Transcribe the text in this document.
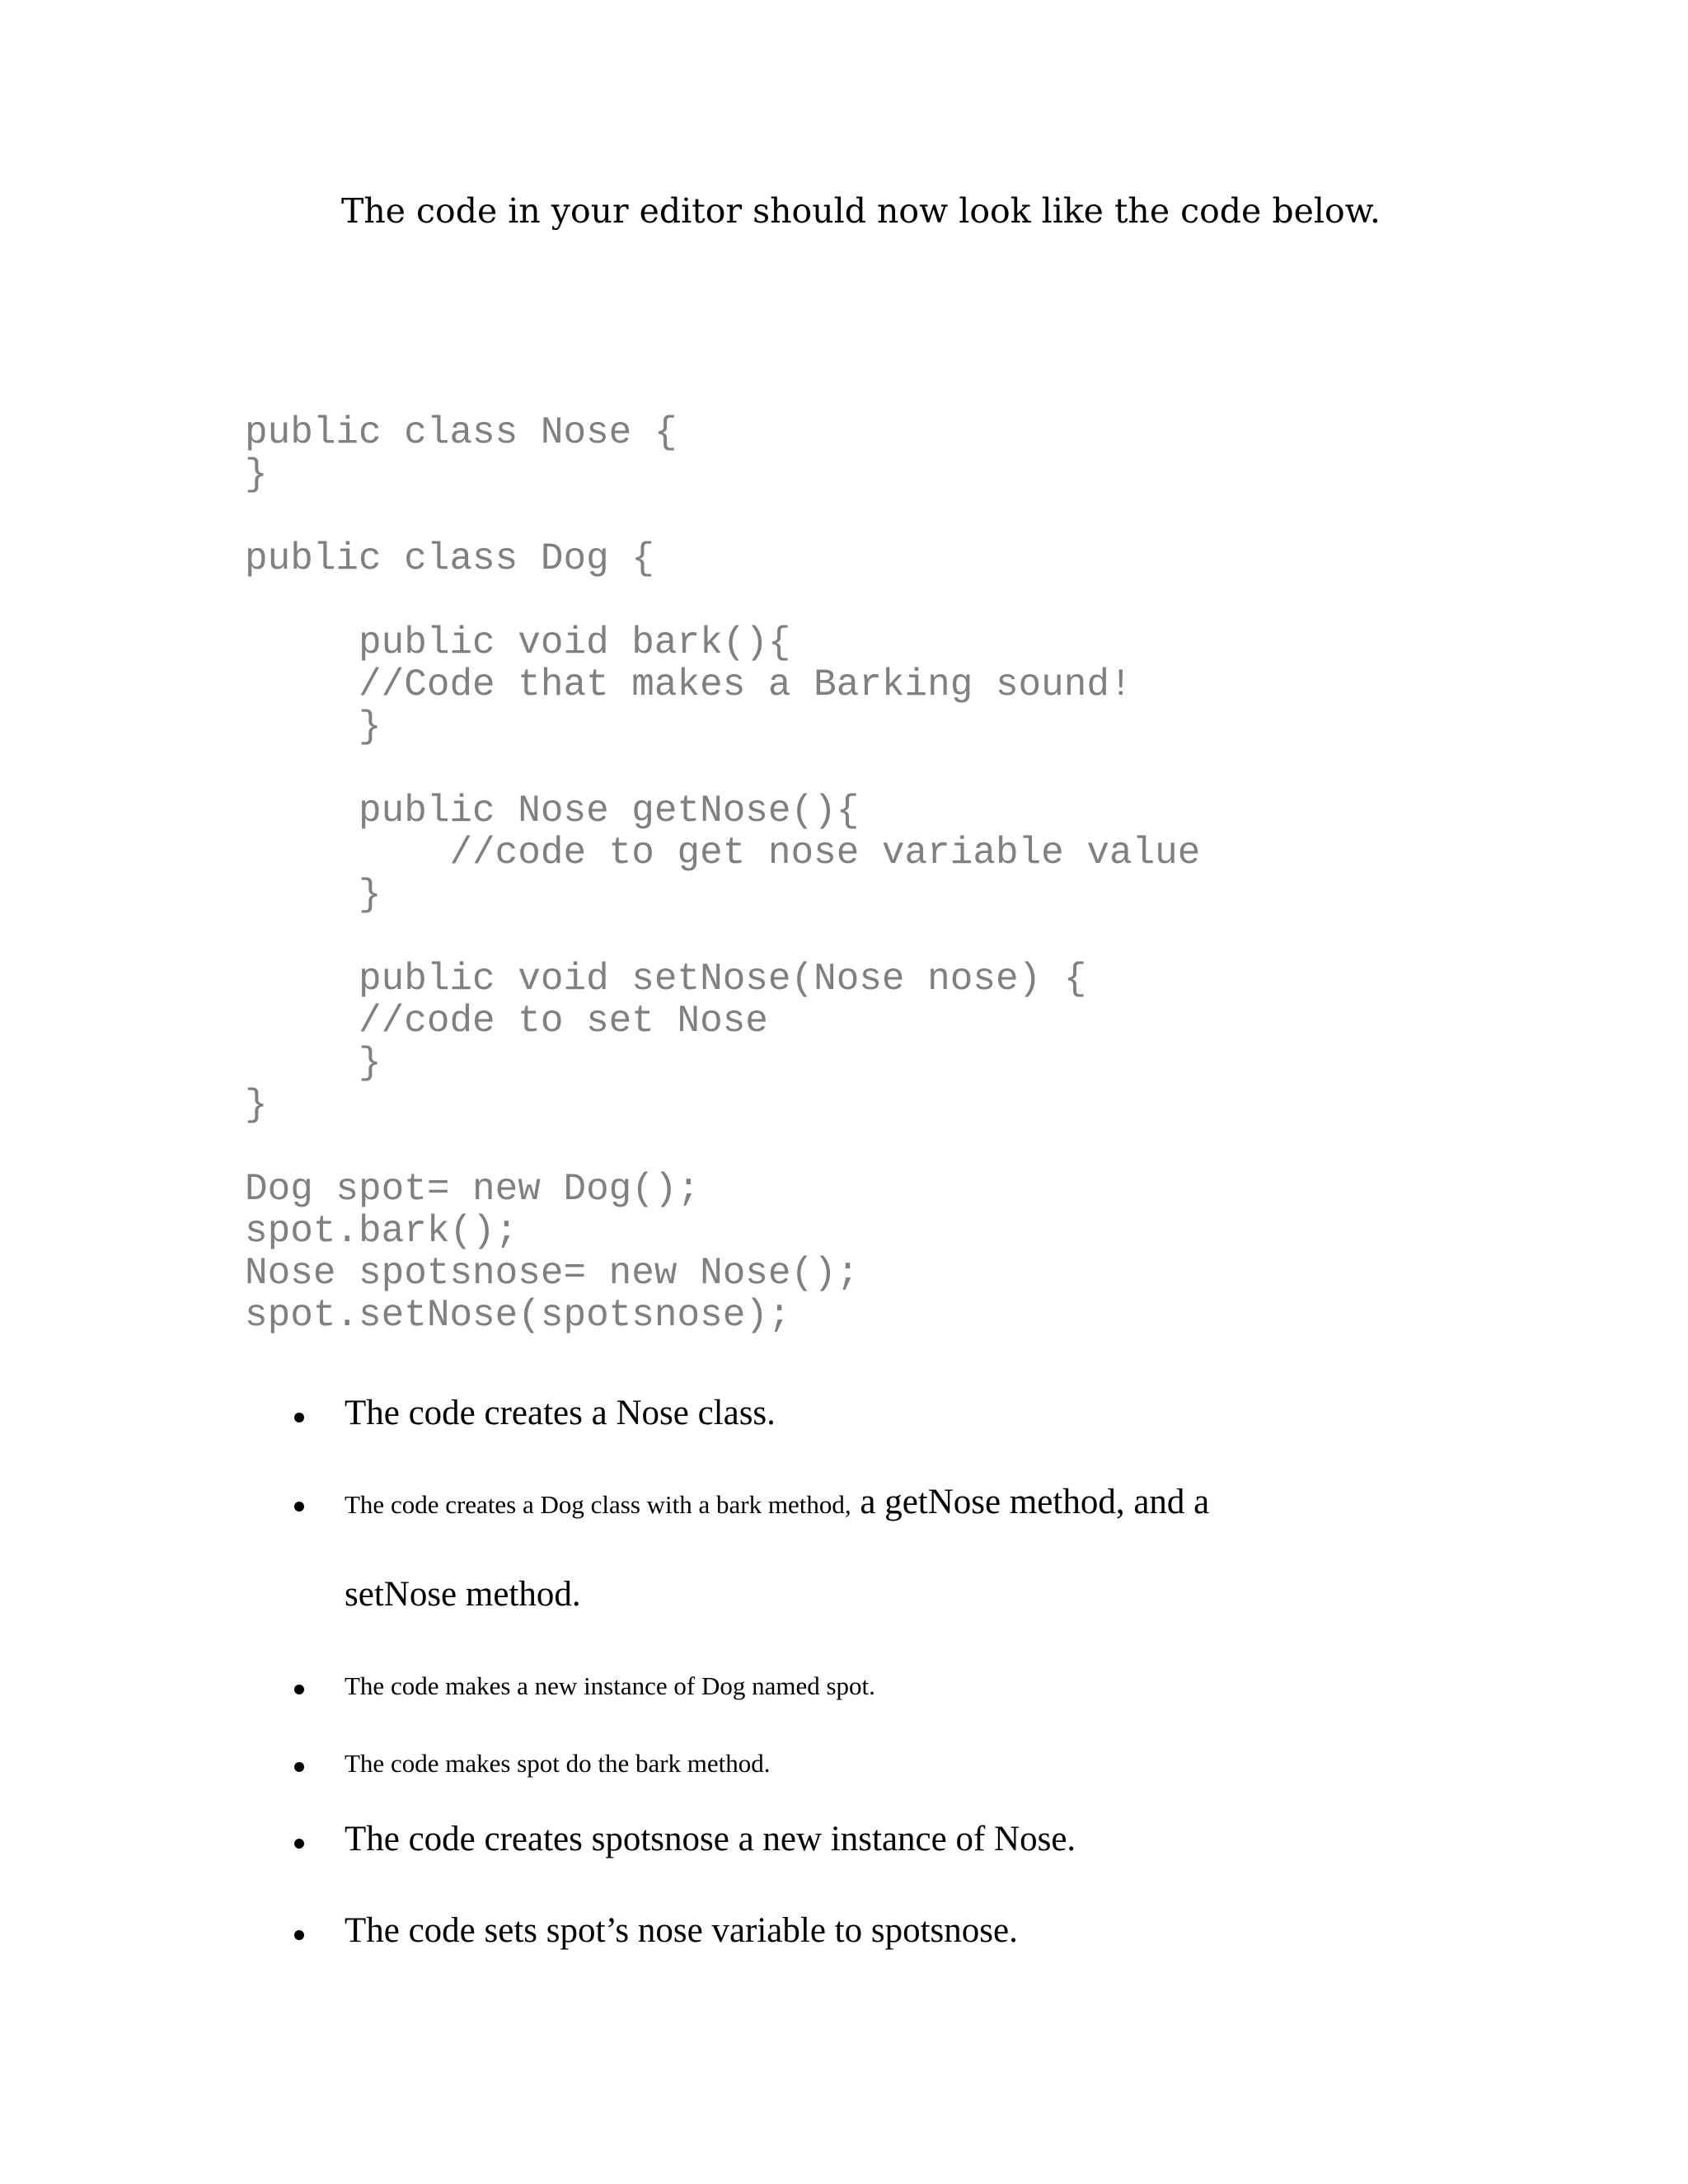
The code in your editor should now look like the code below.

public class Nose {
}
public class Dog {
public void bark(){
//Code that makes a Barking sound!
}
public Nose getNose(){
//code to get nose variable value
}
public void setNose(Nose nose) {
//code to set Nose
}
}
Dog spot= new Dog();
spot.bark();
Nose spotsnose= new Nose();
spot.setNose(spotsnose);
The code creates a Nose class.
The code creates a Dog class with a bark method, a getNose method, and a
setNose method.
The code makes a new instance of Dog named spot.
The code makes spot do the bark method.
The code creates spotsnose a new instance of Nose.
The code sets spot’s nose variable to spotsnose.
